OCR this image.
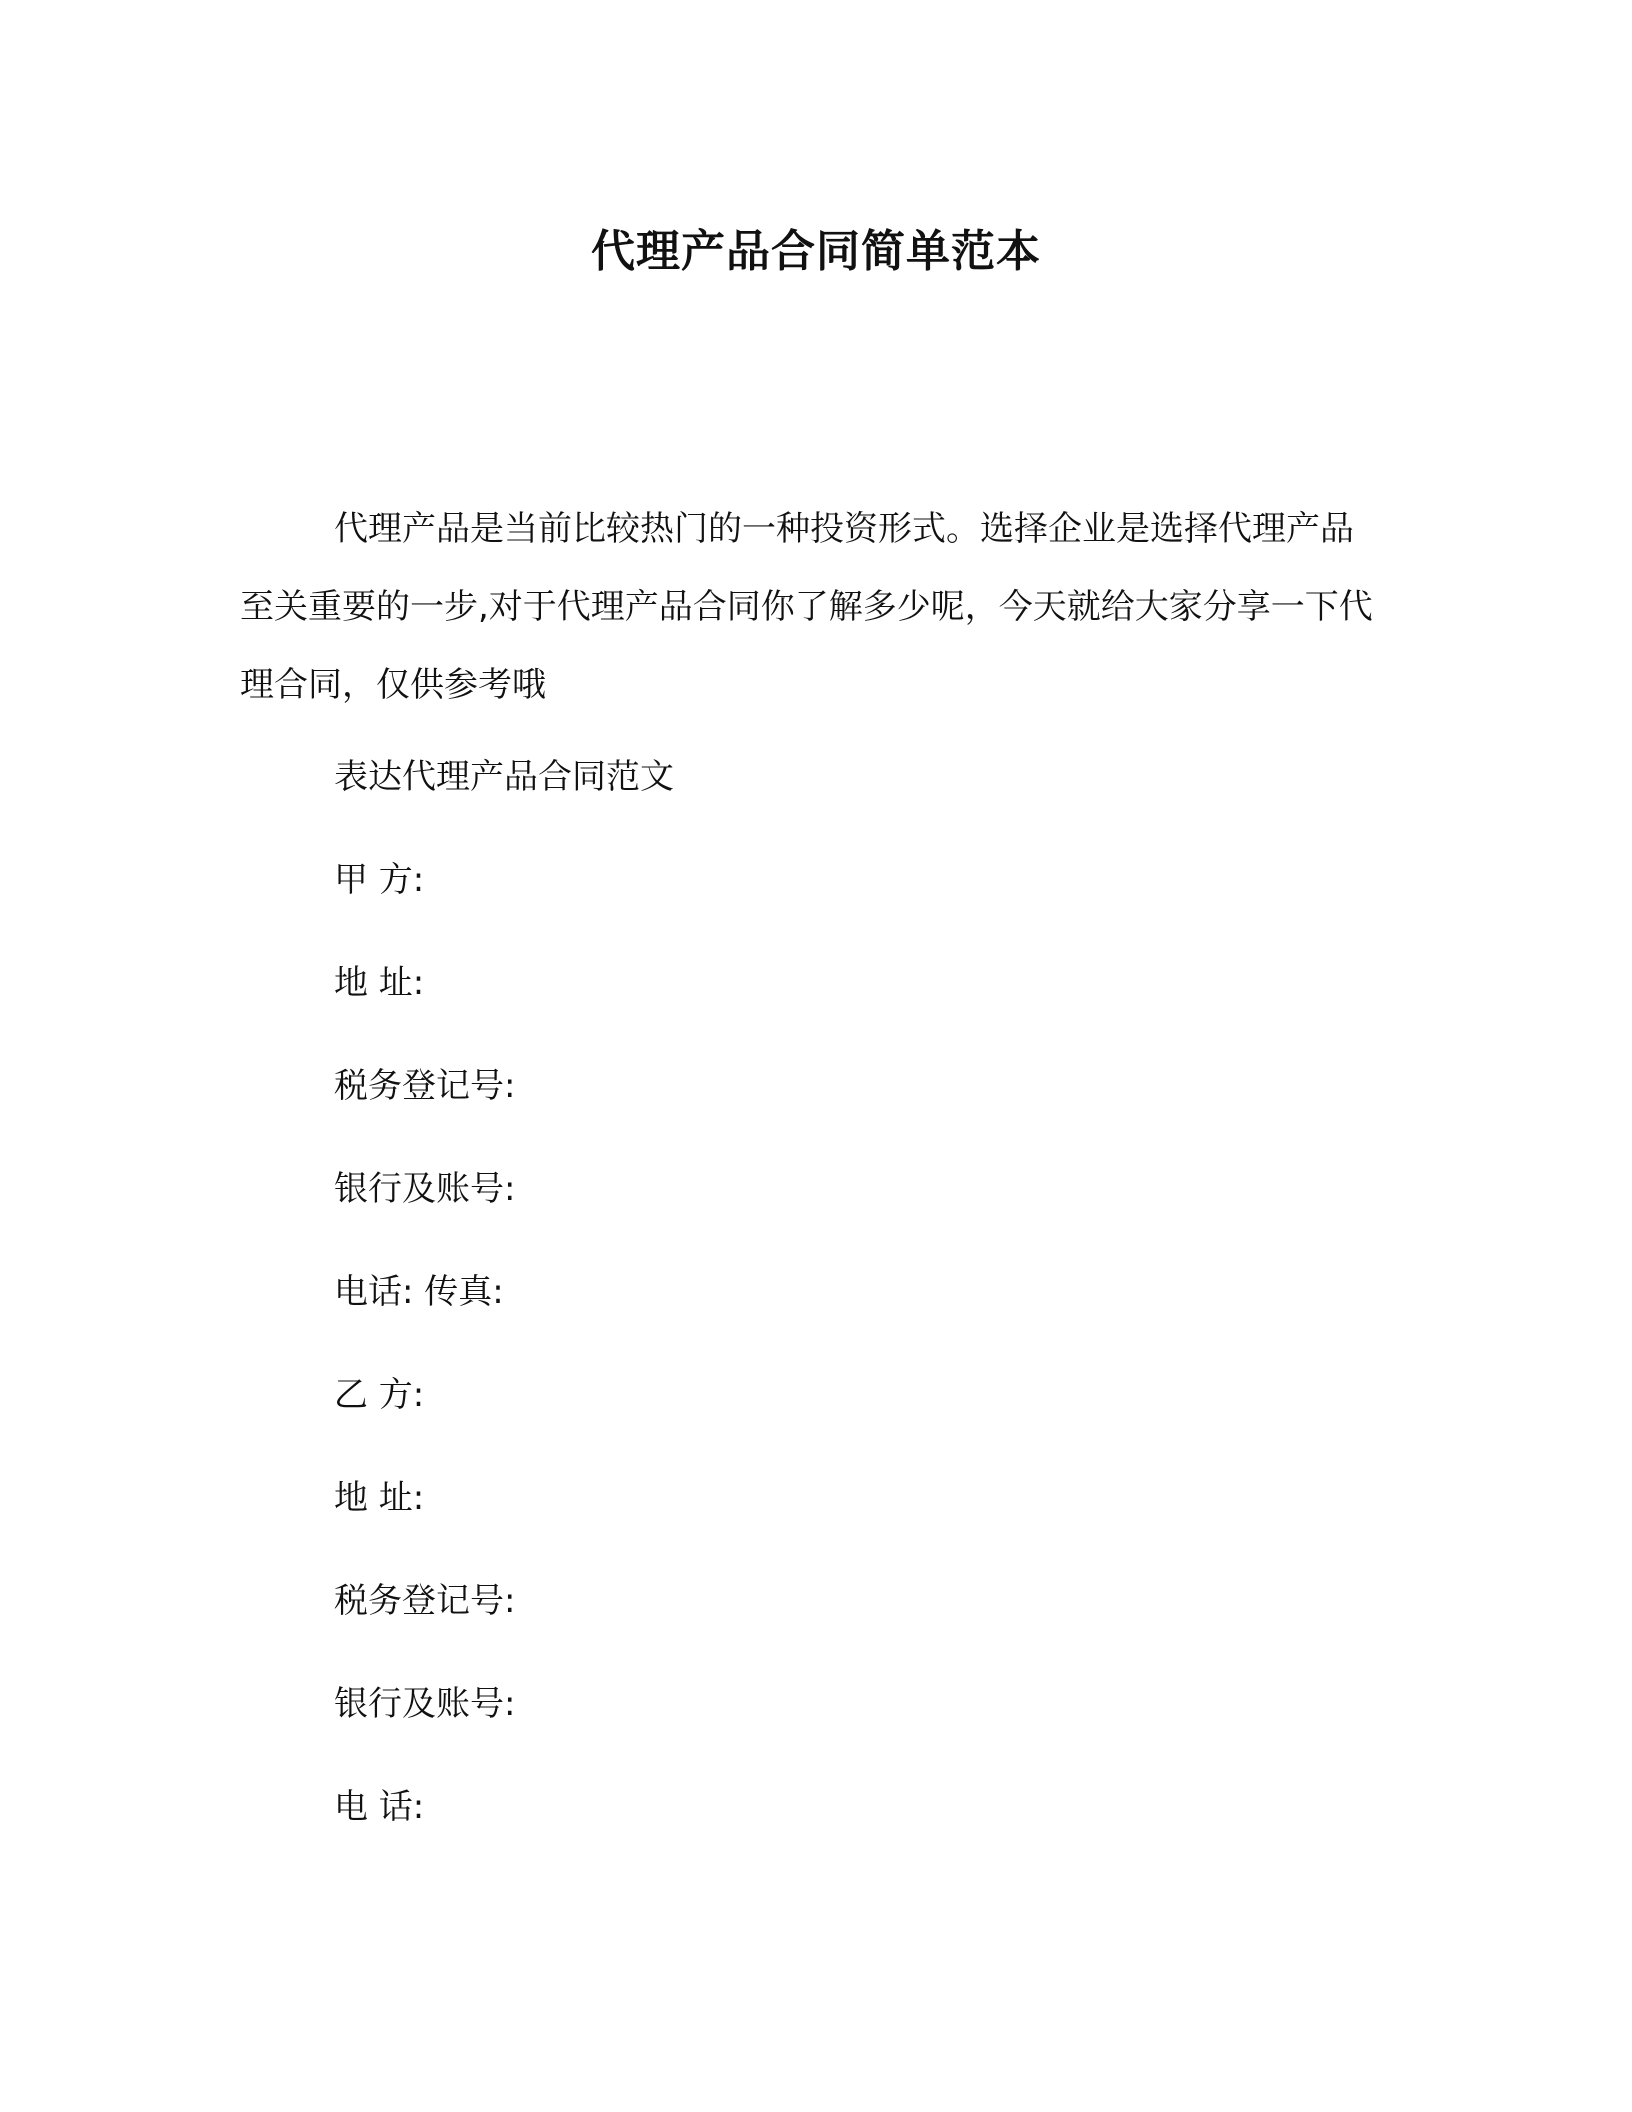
代理产品合同简单范本

代理产品是当前比较热门的一种投资形式。选择企业是选择代理产品至关重要的一步,对于代理产品合同你了解多少呢，今天就给大家分享一下代理合同，仅供参考哦

表达代理产品合同范文
甲 方:
地 址:
税务登记号:
银行及账号:
电话: 传真:
乙 方:
地 址:
税务登记号:
银行及账号:
电 话:
